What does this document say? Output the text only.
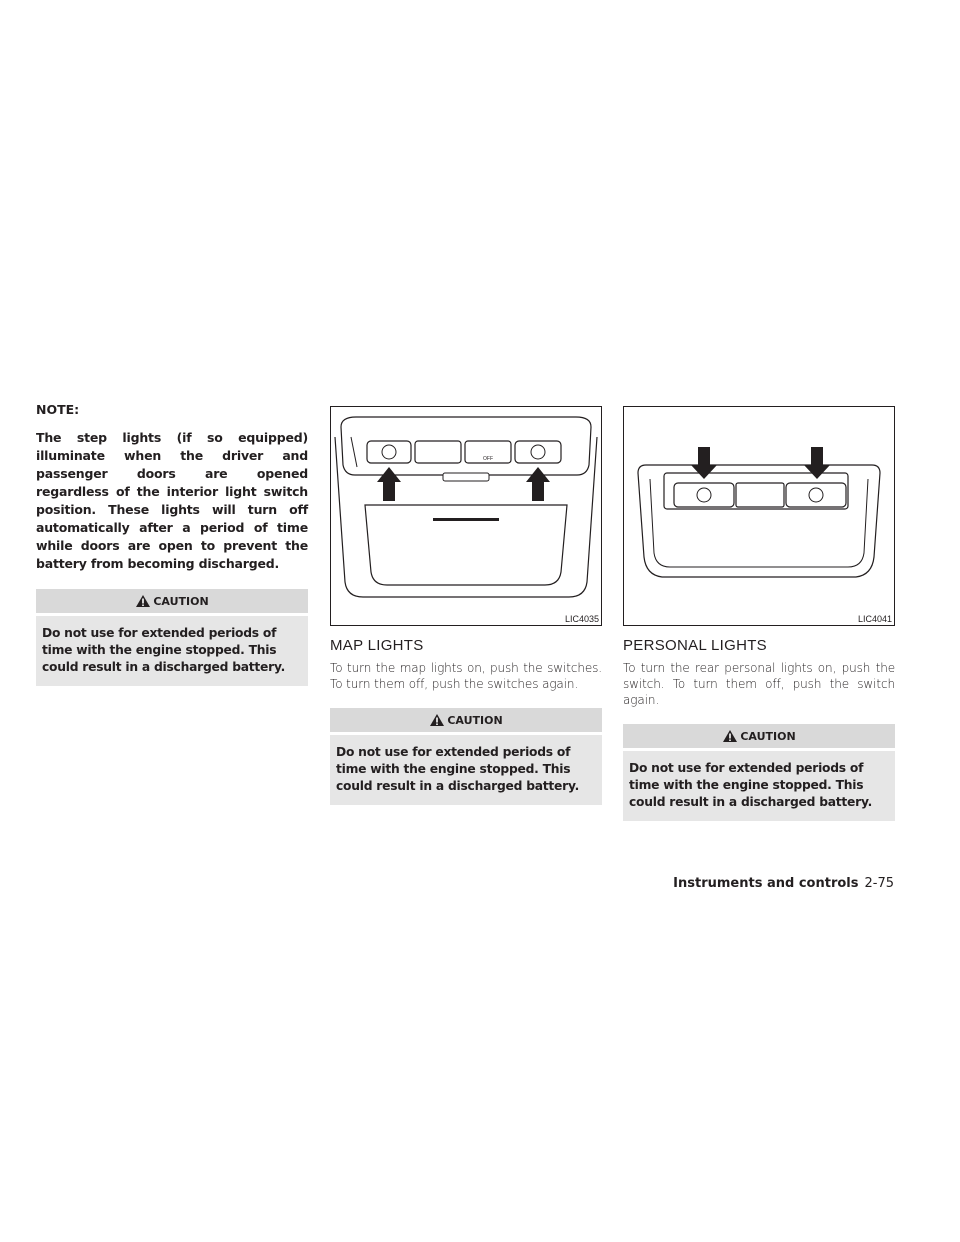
NOTE:

The step lights (if so equipped) illuminate when the driver and passenger doors are opened regardless of the interior light switch position. These lights will turn off automatically after a period of time while doors are open to prevent the battery from becoming discharged.

CAUTION
Do not use for extended periods of time with the engine stopped. This could result in a discharged battery.
OFF
LIC4035
MAP LIGHTS

To turn the map lights on, push the switches. To turn them off, push the switches again.

CAUTION
Do not use for extended periods of time with the engine stopped. This could result in a discharged battery.
LIC4041
PERSONAL LIGHTS

To turn the rear personal lights on, push the switch. To turn them off, push the switch again.

CAUTION
Do not use for extended periods of time with the engine stopped. This could result in a discharged battery.
Instruments and controls 2-75
